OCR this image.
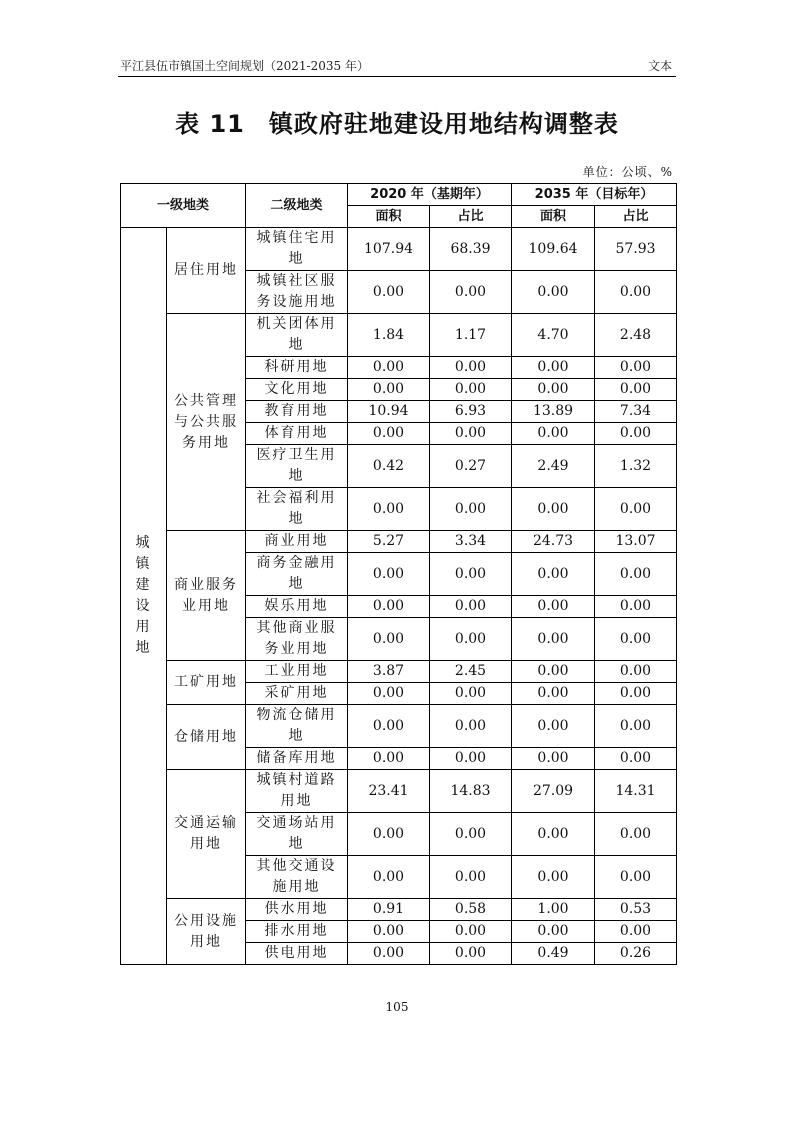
平江县伍市镇国土空间规划（2021-2035 年）	文本
表 11 镇政府驻地建设用地结构调整表
单位：公顷、%
一级地类		二级地类	2020 年（基期年）		2035 年（目标年）	
			面积	占比	面积	占比
城镇建设用地	居住用地	城镇住宅用地	107.94	68.39	109.64	57.93
		城镇社区服务设施用地	0.00	0.00	0.00	0.00
	公共管理与公共服务用地	机关团体用地	1.84	1.17	4.70	2.48
		科研用地	0.00	0.00	0.00	0.00
		文化用地	0.00	0.00	0.00	0.00
		教育用地	10.94	6.93	13.89	7.34
		体育用地	0.00	0.00	0.00	0.00
		医疗卫生用地	0.42	0.27	2.49	1.32
		社会福利用地	0.00	0.00	0.00	0.00
	商业服务业用地	商业用地	5.27	3.34	24.73	13.07
		商务金融用地	0.00	0.00	0.00	0.00
		娱乐用地	0.00	0.00	0.00	0.00
		其他商业服务业用地	0.00	0.00	0.00	0.00
	工矿用地	工业用地	3.87	2.45	0.00	0.00
		采矿用地	0.00	0.00	0.00	0.00
	仓储用地	物流仓储用地	0.00	0.00	0.00	0.00
		储备库用地	0.00	0.00	0.00	0.00
	交通运输用地	城镇村道路用地	23.41	14.83	27.09	14.31
		交通场站用地	0.00	0.00	0.00	0.00
		其他交通设施用地	0.00	0.00	0.00	0.00
	公用设施用地	供水用地	0.91	0.58	1.00	0.53
		排水用地	0.00	0.00	0.00	0.00
		供电用地	0.00	0.00	0.49	0.26
105
